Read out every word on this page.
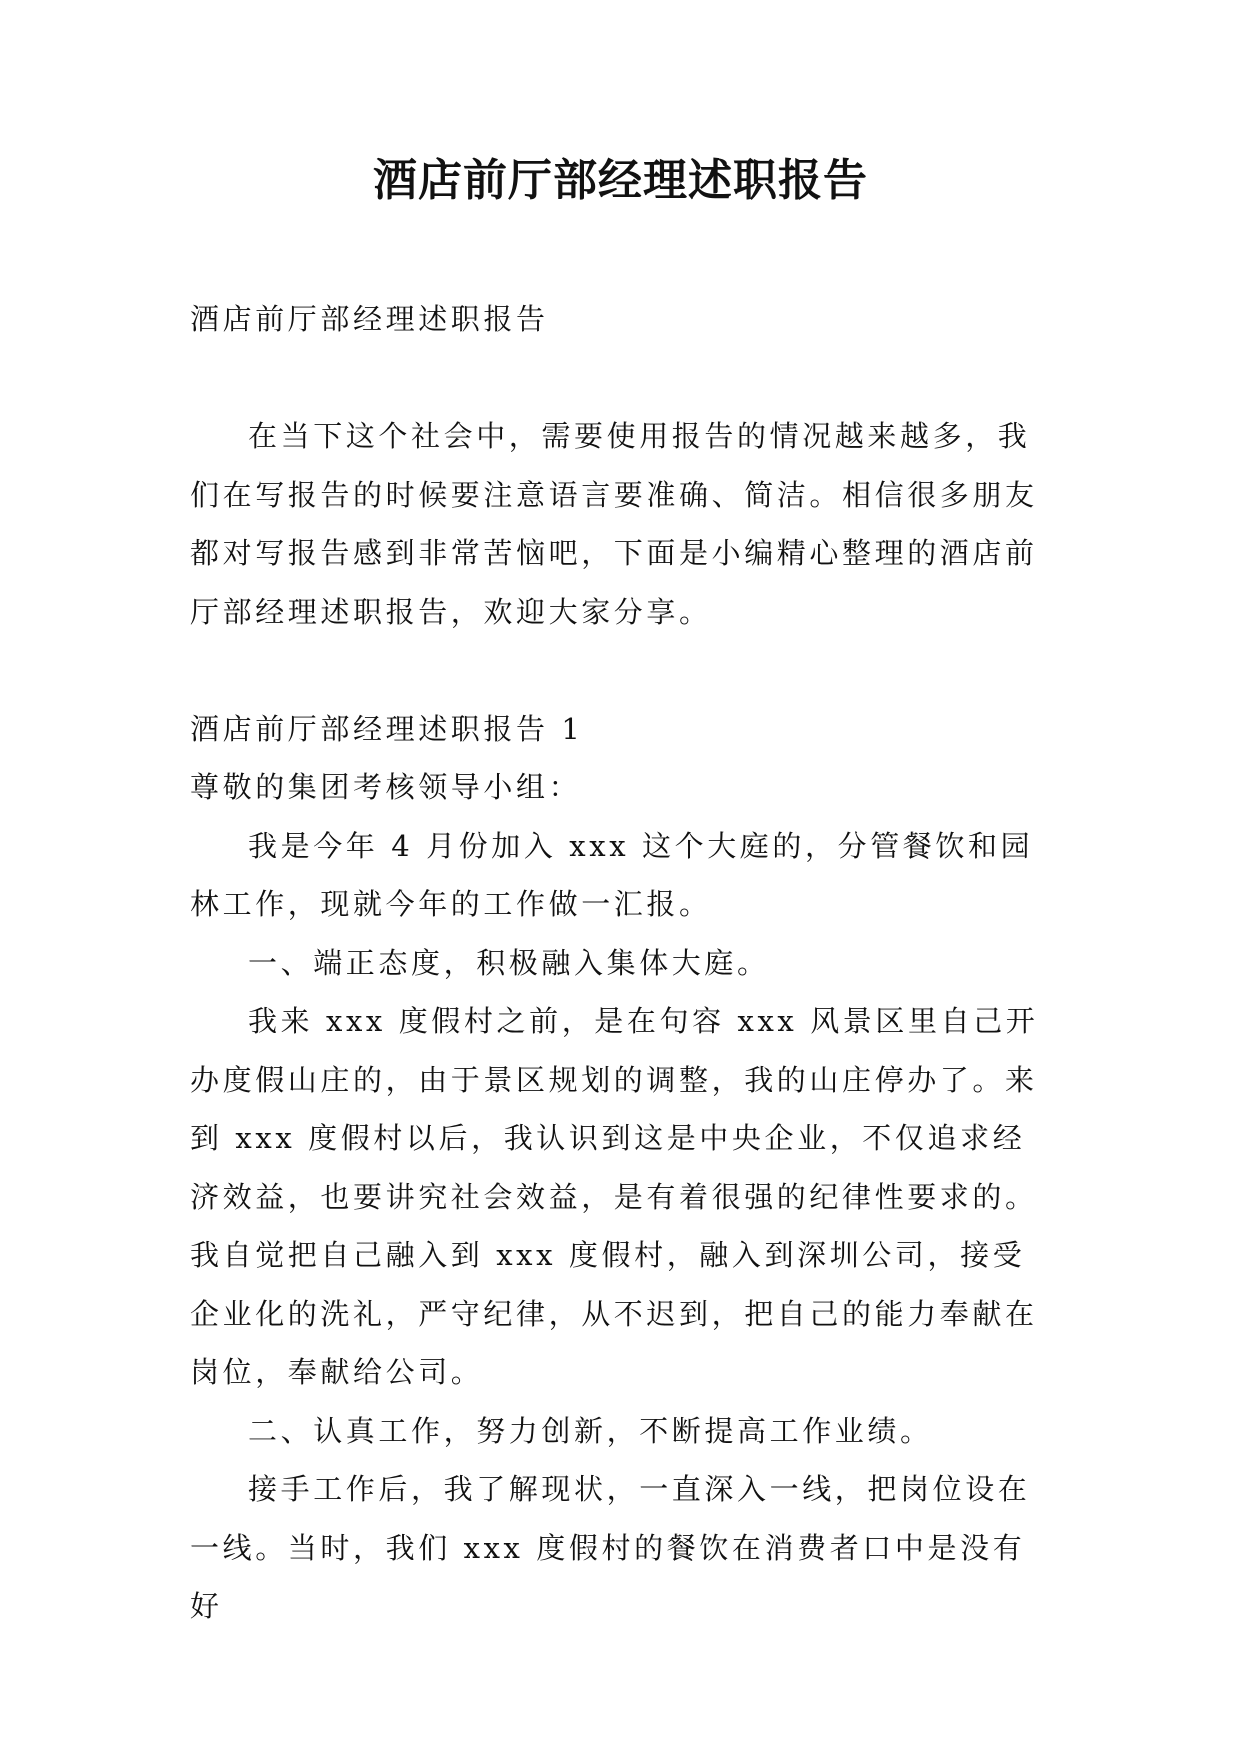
酒店前厅部经理述职报告

酒店前厅部经理述职报告

在当下这个社会中，需要使用报告的情况越来越多，我们在写报告的时候要注意语言要准确、简洁。相信很多朋友都对写报告感到非常苦恼吧，下面是小编精心整理的酒店前厅部经理述职报告，欢迎大家分享。

酒店前厅部经理述职报告 1

尊敬的集团考核领导小组：

我是今年 4 月份加入 xxx 这个大庭的，分管餐饮和园林工作，现就今年的工作做一汇报。

一、端正态度，积极融入集体大庭。

我来 xxx 度假村之前，是在句容 xxx 风景区里自己开办度假山庄的，由于景区规划的调整，我的山庄停办了。来到 xxx 度假村以后，我认识到这是中央企业，不仅追求经济效益，也要讲究社会效益，是有着很强的纪律性要求的。我自觉把自己融入到 xxx 度假村，融入到深圳公司，接受企业化的洗礼，严守纪律，从不迟到，把自己的能力奉献在岗位，奉献给公司。

二、认真工作，努力创新，不断提高工作业绩。

接手工作后，我了解现状，一直深入一线，把岗位设在一线。当时，我们 xxx 度假村的餐饮在消费者口中是没有好
